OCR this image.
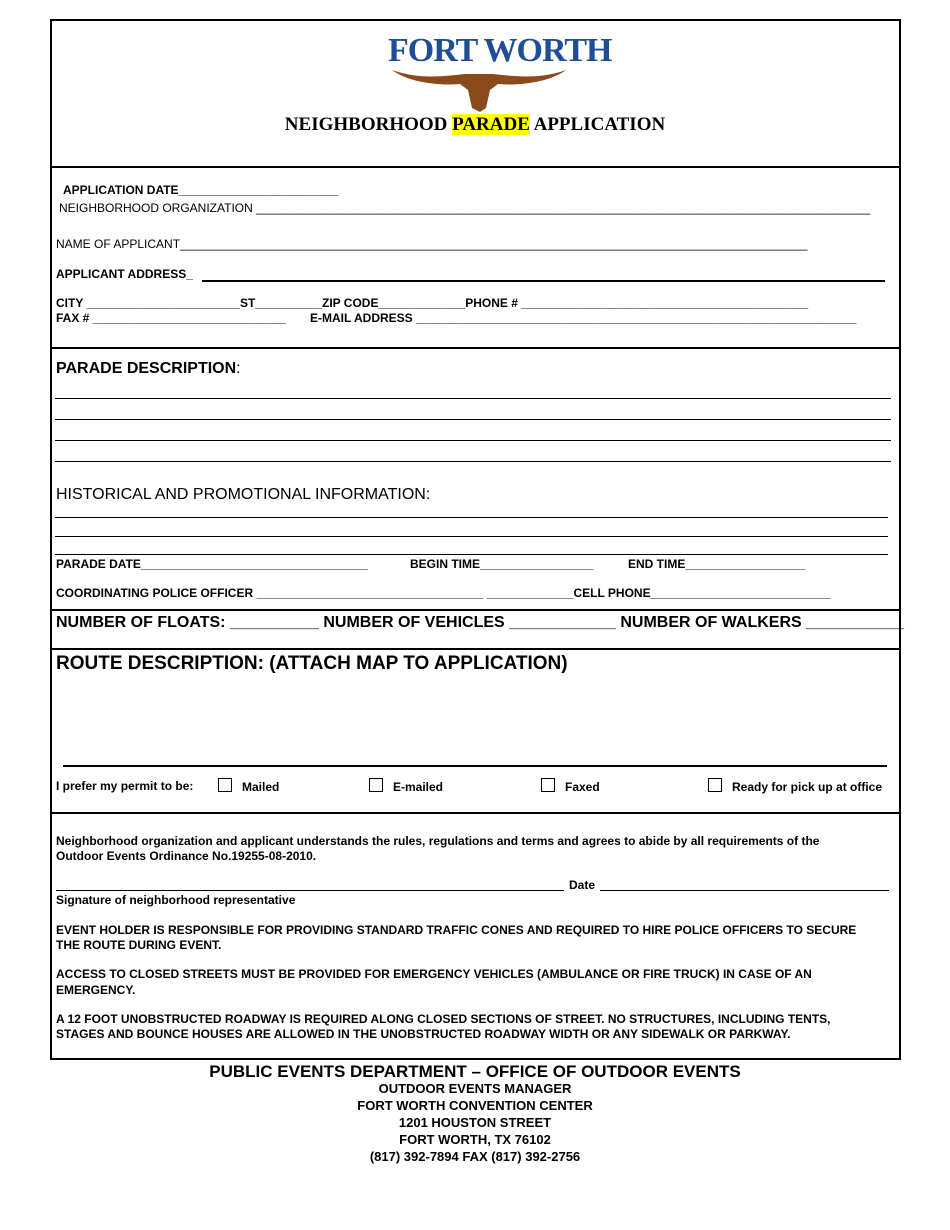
FORT WORTH
NEIGHBORHOOD PARADE APPLICATION
APPLICATION DATE________________________
NEIGHBORHOOD ORGANIZATION ____________________________________________________________________________________________
NAME OF APPLICANT______________________________________________________________________________________________
APPLICANT ADDRESS_
CITY _______________________ST__________ZIP CODE_____________PHONE # ___________________________________________
FAX # _____________________________ E-MAIL ADDRESS __________________________________________________________________
PARADE DESCRIPTION:
HISTORICAL AND PROMOTIONAL INFORMATION:
PARADE DATE__________________________________	BEGIN TIME_________________	END TIME__________________
COORDINATING POLICE OFFICER __________________________________ _____________CELL PHONE___________________________
NUMBER OF FLOATS: __________ NUMBER OF VEHICLES ____________ NUMBER OF WALKERS ___________
ROUTE DESCRIPTION: (ATTACH MAP TO APPLICATION)
I prefer my permit to be:	Mailed	E-mailed	Faxed	Ready for pick up at office
Neighborhood organization and applicant understands the rules, regulations and terms and agrees to abide by all requirements of the
Outdoor Events Ordinance No.19255-08-2010.
Date
Signature of neighborhood representative
EVENT HOLDER IS RESPONSIBLE FOR PROVIDING STANDARD TRAFFIC CONES AND REQUIRED TO HIRE POLICE OFFICERS TO SECURE
THE ROUTE DURING EVENT.
ACCESS TO CLOSED STREETS MUST BE PROVIDED FOR EMERGENCY VEHICLES (AMBULANCE OR FIRE TRUCK) IN CASE OF AN
EMERGENCY.
A 12 FOOT UNOBSTRUCTED ROADWAY IS REQUIRED ALONG CLOSED SECTIONS OF STREET. NO STRUCTURES, INCLUDING TENTS,
STAGES AND BOUNCE HOUSES ARE ALLOWED IN THE UNOBSTRUCTED ROADWAY WIDTH OR ANY SIDEWALK OR PARKWAY.
PUBLIC EVENTS DEPARTMENT – OFFICE OF OUTDOOR EVENTS
OUTDOOR EVENTS MANAGER
FORT WORTH CONVENTION CENTER
1201 HOUSTON STREET
FORT WORTH, TX 76102
(817) 392-7894 FAX (817) 392-2756
